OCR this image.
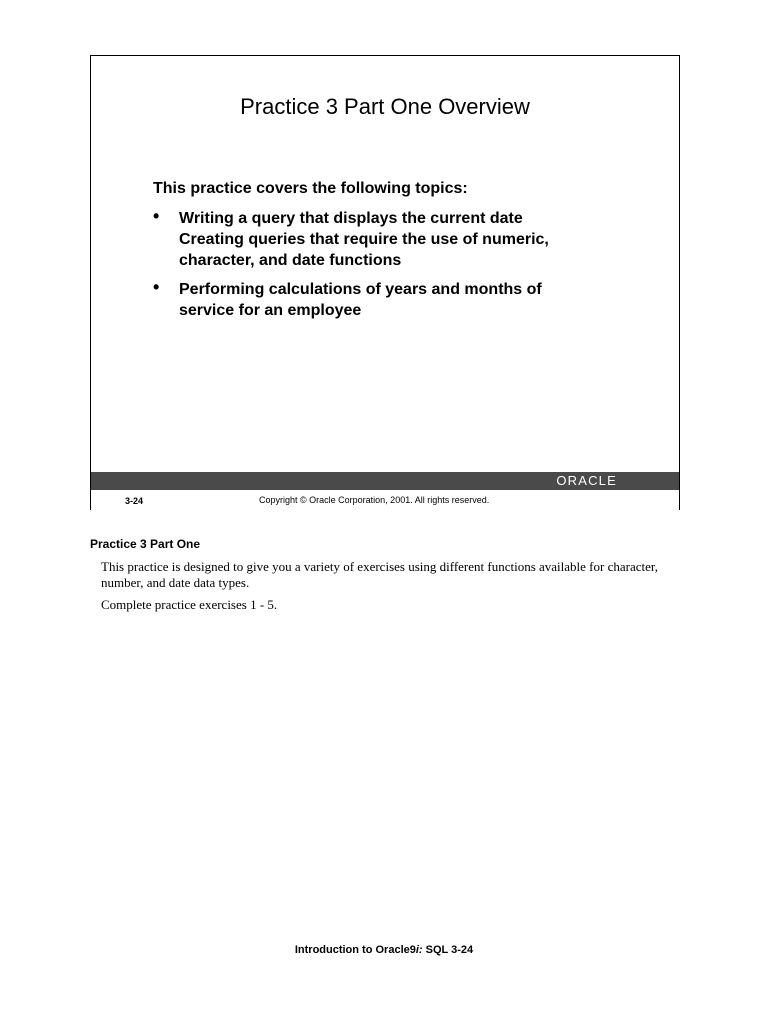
Practice 3 Part One Overview
This practice covers the following topics:
• Writing a query that displays the current date
Creating queries that require the use of numeric,
character, and date functions
• Performing calculations of years and months of
service for an employee
ORACLE
3-24	Copyright © Oracle Corporation, 2001. All rights reserved.
Practice 3 Part One

This practice is designed to give you a variety of exercises using different functions available for character, number, and date data types.

Complete practice exercises 1 - 5.

Introduction to Oracle9i: SQL 3-24
